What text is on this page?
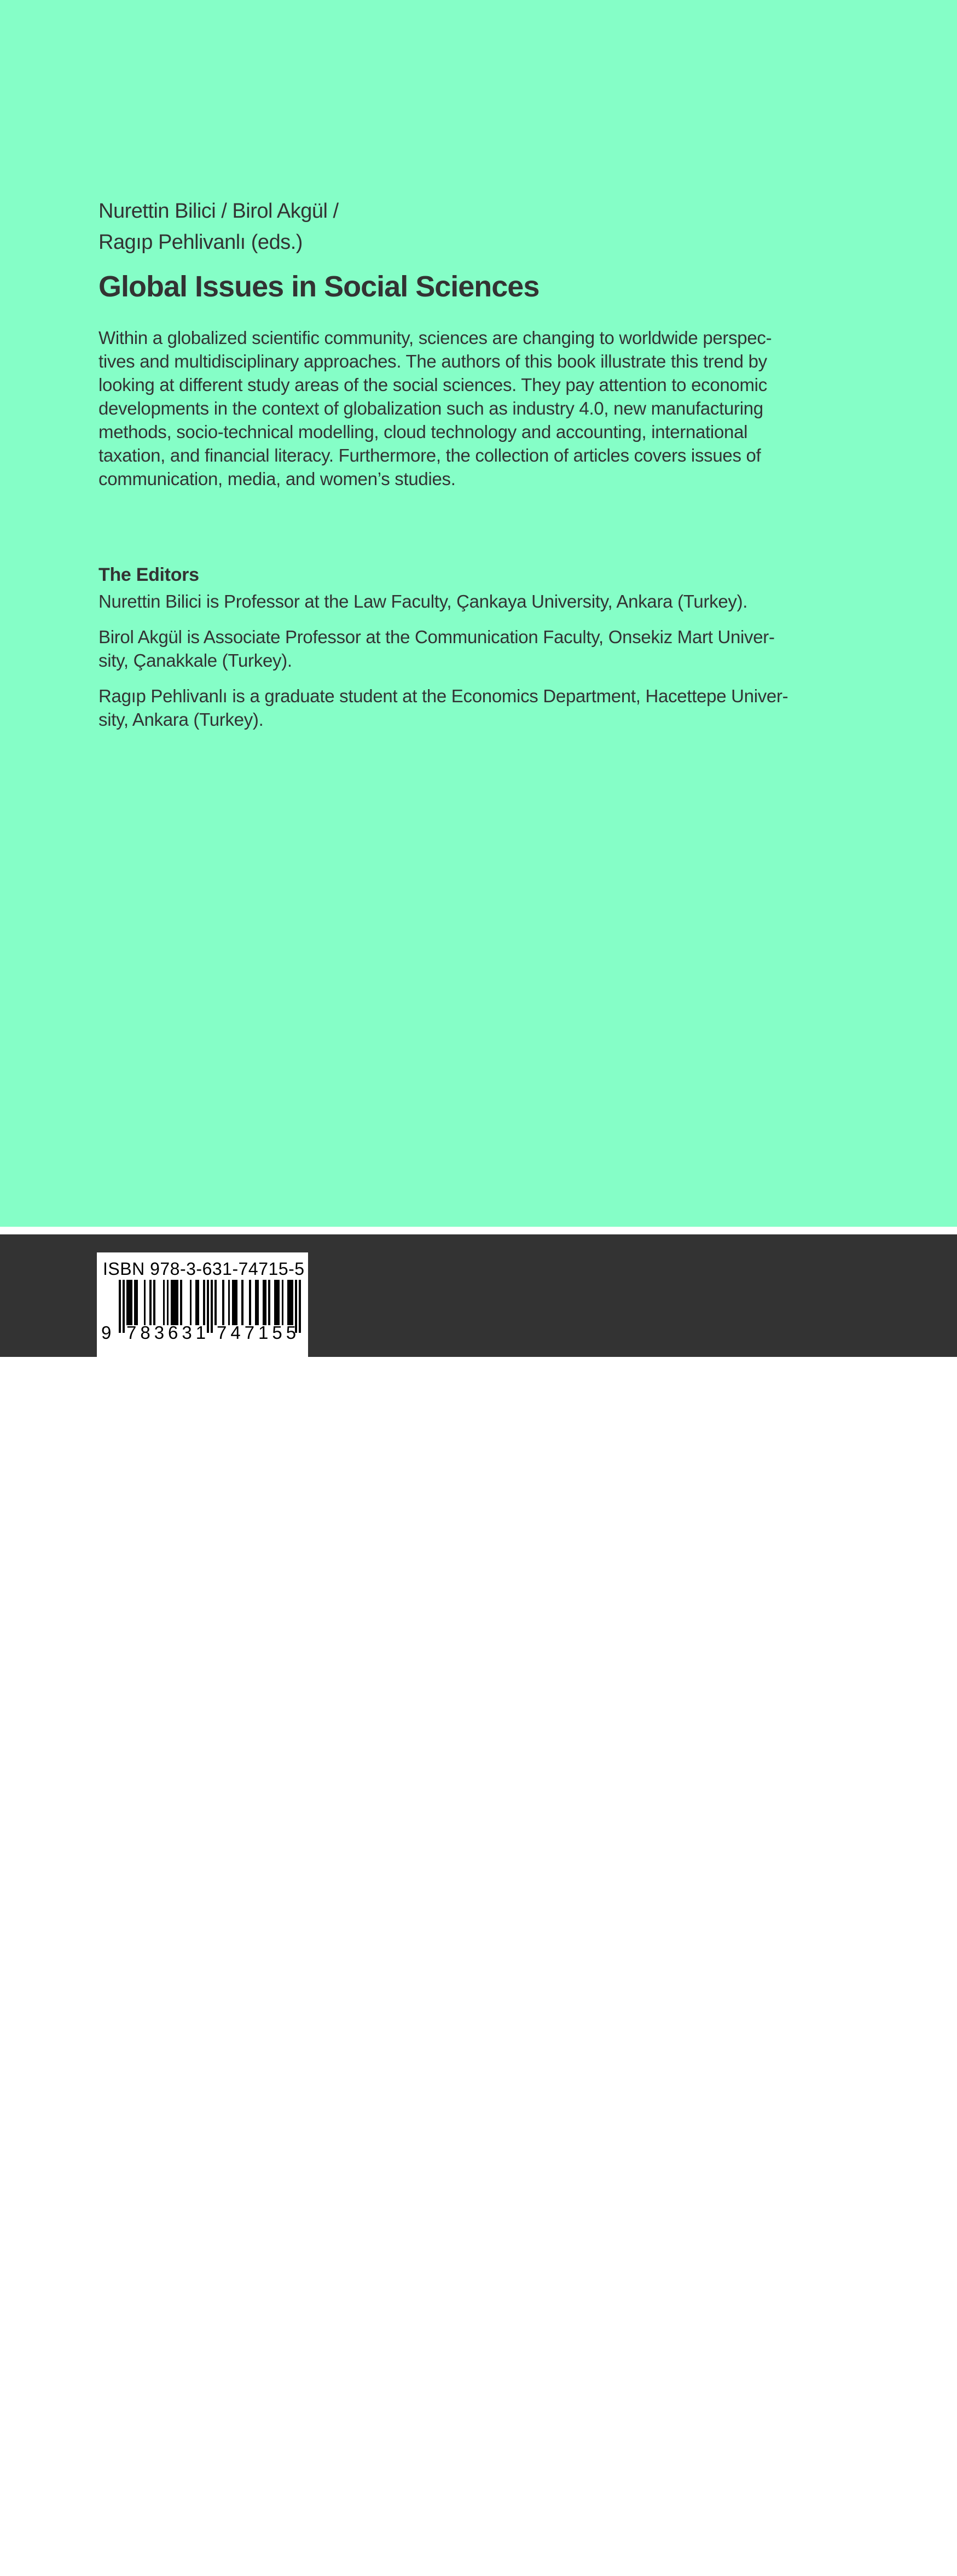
Nurettin Bilici / Birol Akgül /
Ragıp Pehlivanlı (eds.)
Global Issues in Social Sciences
Within a globalized scientific community, sciences are changing to worldwide perspec-
tives and multidisciplinary approaches. The authors of this book illustrate this trend by
looking at different study areas of the social sciences. They pay attention to economic
developments in the context of globalization such as industry 4.0, new manufacturing
methods, socio-technical modelling, cloud technology and accounting, international
taxation, and financial literacy. Furthermore, the collection of articles covers issues of
communication, media, and women’s studies.
The Editors

Nurettin Bilici is Professor at the Law Faculty, Çankaya University, Ankara (Turkey).

Birol Akgül is Associate Professor at the Communication Faculty, Onsekiz Mart Univer-
sity, Çanakkale (Turkey).

Ragıp Pehlivanlı is a graduate student at the Economics Department, Hacettepe Univer-
sity, Ankara (Turkey).

ISBN 978-3-631-74715-5
9 783631 747155
www.peterlang.com
